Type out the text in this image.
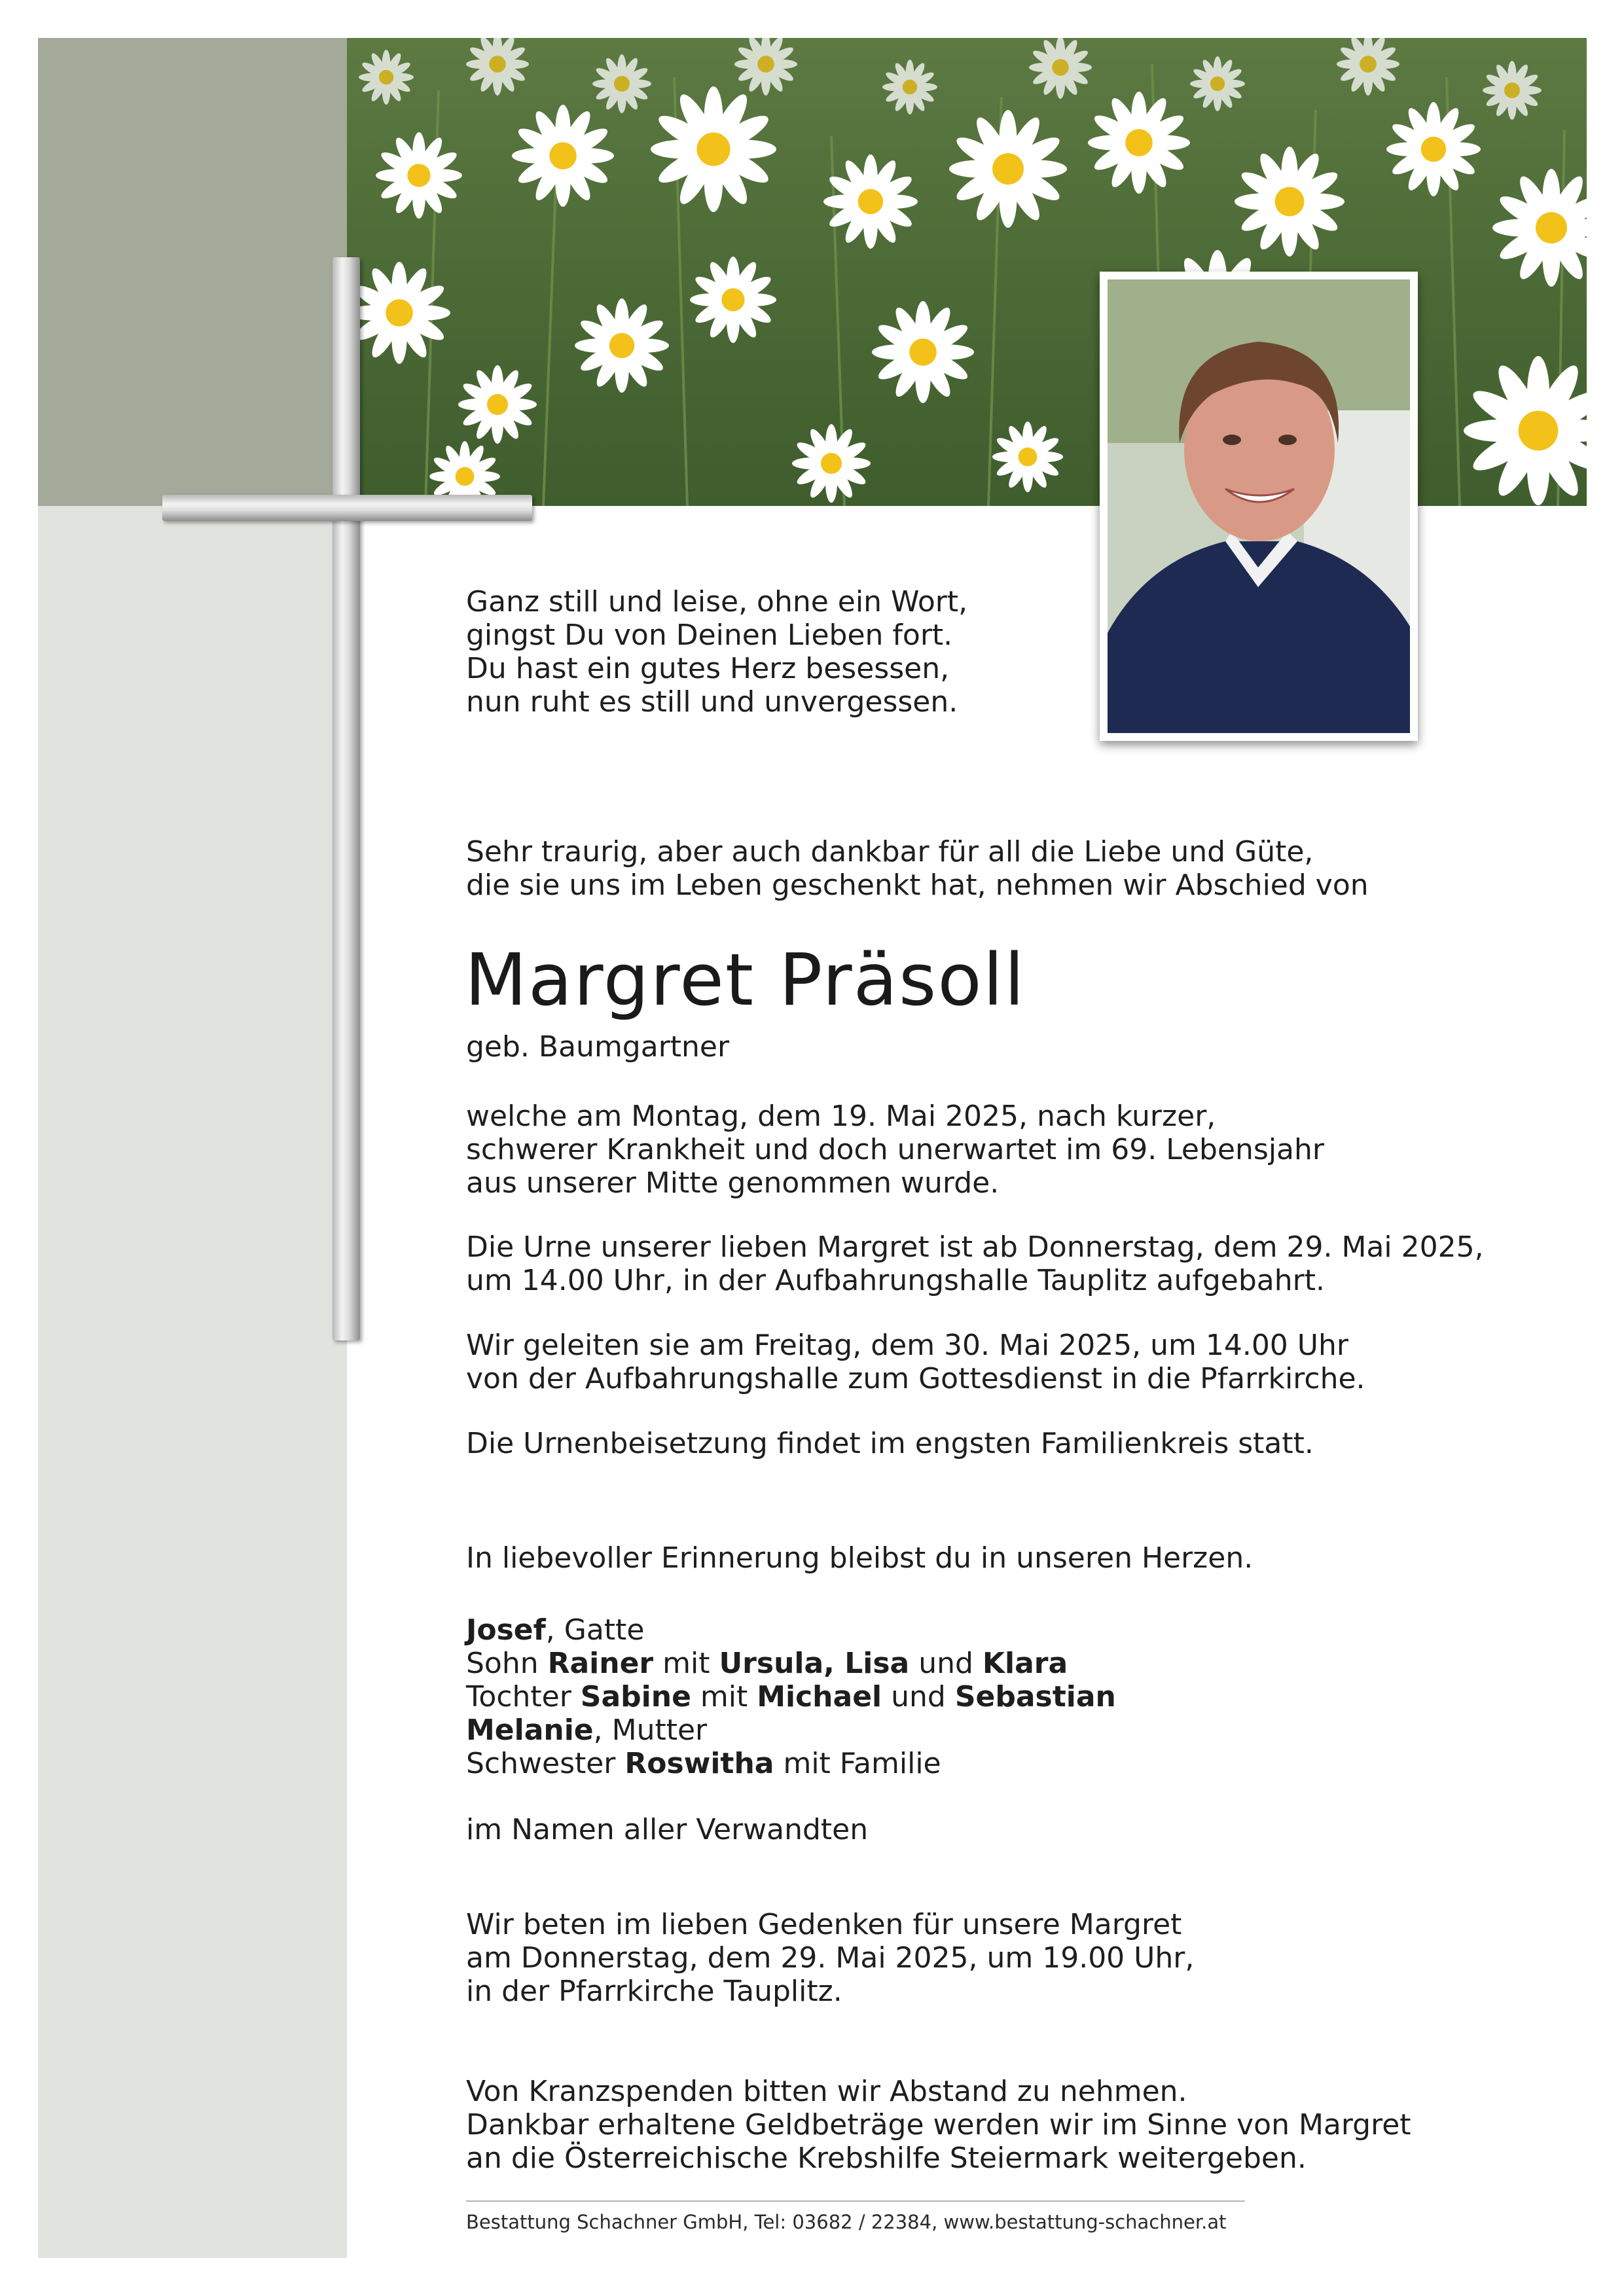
Ganz still und leise, ohne ein Wort,
gingst Du von Deinen Lieben fort.
Du hast ein gutes Herz besessen,
nun ruht es still und unvergessen.
Sehr traurig, aber auch dankbar für all die Liebe und Güte,
die sie uns im Leben geschenkt hat, nehmen wir Abschied von
Margret Präsoll
geb. Baumgartner
welche am Montag, dem 19. Mai 2025, nach kurzer,
schwerer Krankheit und doch unerwartet im 69. Lebensjahr
aus unserer Mitte genommen wurde.
Die Urne unserer lieben Margret ist ab Donnerstag, dem 29. Mai 2025,
um 14.00 Uhr, in der Aufbahrungshalle Tauplitz aufgebahrt.
Wir geleiten sie am Freitag, dem 30. Mai 2025, um 14.00 Uhr
von der Aufbahrungshalle zum Gottesdienst in die Pfarrkirche.
Die Urnenbeisetzung findet im engsten Familienkreis statt.
In liebevoller Erinnerung bleibst du in unseren Herzen.
Josef, Gatte
Sohn Rainer mit Ursula, Lisa und Klara
Tochter Sabine mit Michael und Sebastian
Melanie, Mutter
Schwester Roswitha mit Familie
im Namen aller Verwandten
Wir beten im lieben Gedenken für unsere Margret
am Donnerstag, dem 29. Mai 2025, um 19.00 Uhr,
in der Pfarrkirche Tauplitz.
Von Kranzspenden bitten wir Abstand zu nehmen.
Dankbar erhaltene Geldbeträge werden wir im Sinne von Margret
an die Österreichische Krebshilfe Steiermark weitergeben.
Bestattung Schachner GmbH, Tel: 03682 / 22384, www.bestattung-schachner.at
